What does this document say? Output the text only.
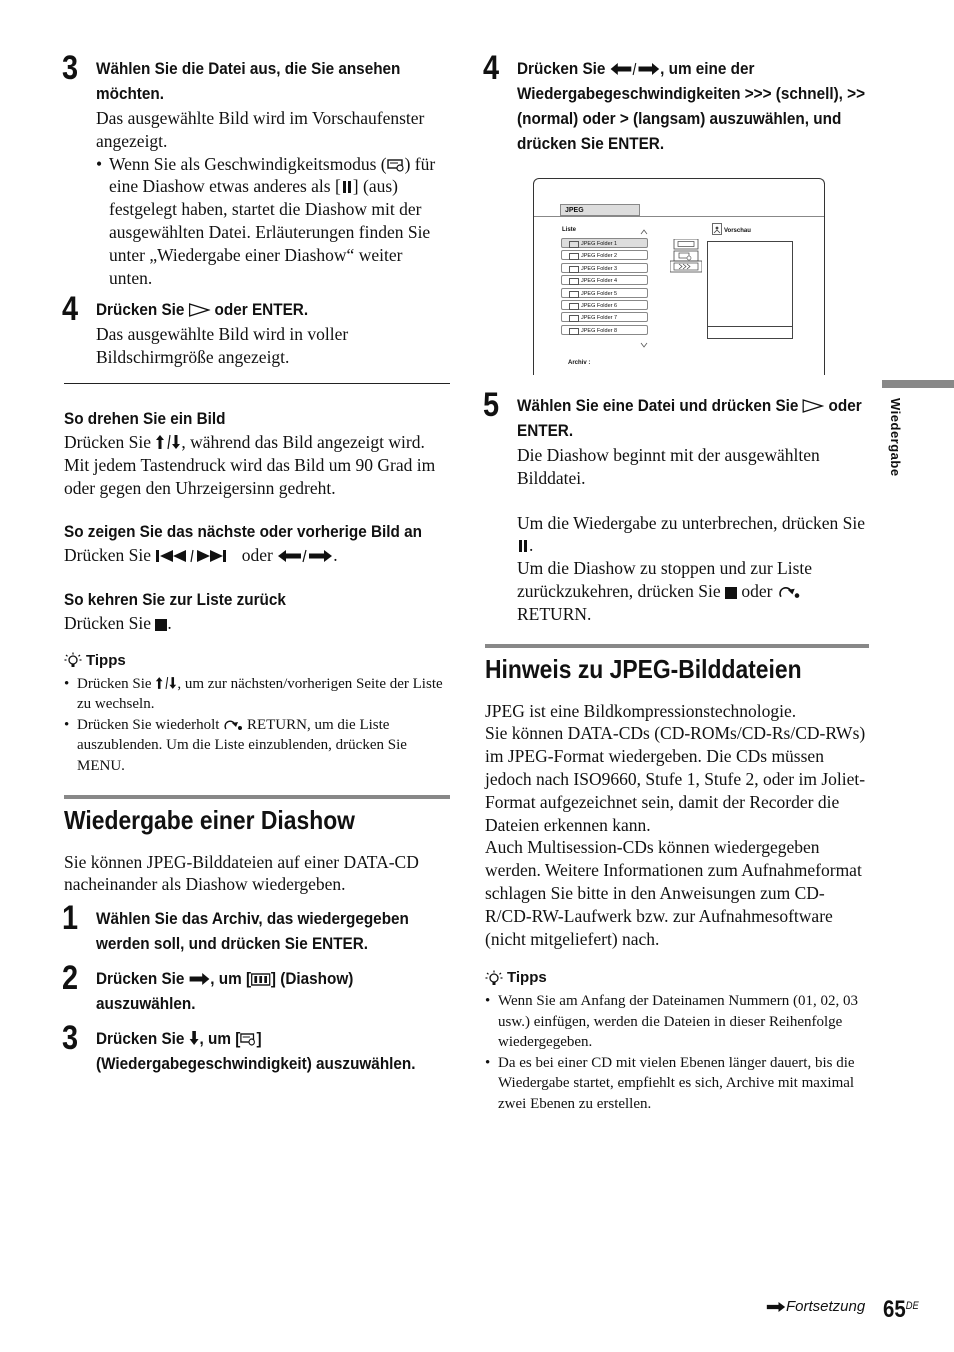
3 Wählen Sie die Datei aus, die Sie ansehen möchten.
Das ausgewählte Bild wird im Vorschaufenster angezeigt.
• Wenn Sie als Geschwindigkeitsmodus ( ) für eine Diashow etwas anderes als [ ] (aus) festgelegt haben, startet die Diashow mit der ausgewählten Datei. Erläuterungen finden Sie unter „Wiedergabe einer Diashow“ weiter unten.
4 Drücken Sie oder ENTER.
Das ausgewählte Bild wird in voller Bildschirmgröße angezeigt.
So drehen Sie ein Bild
Drücken Sie , während das Bild angezeigt wird. Mit jedem Tastendruck wird das Bild um 90 Grad im oder gegen den Uhrzeigersinn gedreht.
So zeigen Sie das nächste oder vorherige Bild an
Drücken Sie	oder	.
So kehren Sie zur Liste zurück
Drücken Sie .
Tipps
• Drücken Sie , um zur nächsten/vorherigen Seite der Liste zu wechseln.
• Drücken Sie wiederholt RETURN, um die Liste auszublenden. Um die Liste einzublenden, drücken Sie MENU.
Wiedergabe einer Diashow
Sie können JPEG-Bilddateien auf einer DATA-CD nacheinander als Diashow wiedergeben.
1 Wählen Sie das Archiv, das wiedergegeben werden soll, und drücken Sie ENTER.
2 Drücken Sie , um [ ] (Diashow) auszuwählen.
3 Drücken Sie , um [ ] (Wiedergabegeschwindigkeit) auszuwählen.
4 Drücken Sie	, um eine der Wiedergabegeschwindigkeiten >>> (schnell), >> (normal) oder > (langsam) auszuwählen, und drücken Sie ENTER.
JPEG
Liste
JPEG Folder 1
JPEG Folder 2
JPEG Folder 3
JPEG Folder 4
JPEG Folder 5
JPEG Folder 6
JPEG Folder 7
JPEG Folder 8
Vorschau
Archiv :
5 Wählen Sie eine Datei und drücken Sie oder ENTER.
Die Diashow beginnt mit der ausgewählten Bilddatei.
Um die Wiedergabe zu unterbrechen, drücken Sie .
Um die Diashow zu stoppen und zur Liste zurückzukehren, drücken Sie oder  RETURN.
Hinweis zu JPEG-Bilddateien
JPEG ist eine Bildkompressionstechnologie.
Sie können DATA-CDs (CD-ROMs/CD-Rs/CD-RWs) im JPEG-Format wiedergeben. Die CDs müssen jedoch nach ISO9660, Stufe 1, Stufe 2, oder im Joliet-Format aufgezeichnet sein, damit der Recorder die Dateien erkennen kann.
Auch Multisession-CDs können wiedergegeben werden. Weitere Informationen zum Aufnahmeformat schlagen Sie bitte in den Anweisungen zum CD-R/CD-RW-Laufwerk bzw. zur Aufnahmesoftware (nicht mitgeliefert) nach.
Tipps
• Wenn Sie am Anfang der Dateinamen Nummern (01, 02, 03 usw.) einfügen, werden die Dateien in dieser Reihenfolge wiedergegeben.
• Da es bei einer CD mit vielen Ebenen länger dauert, bis die Wiedergabe startet, empfiehlt es sich, Archive mit maximal zwei Ebenen zu erstellen.
Wiedergabe
Fortsetzung $65_{DE}$
